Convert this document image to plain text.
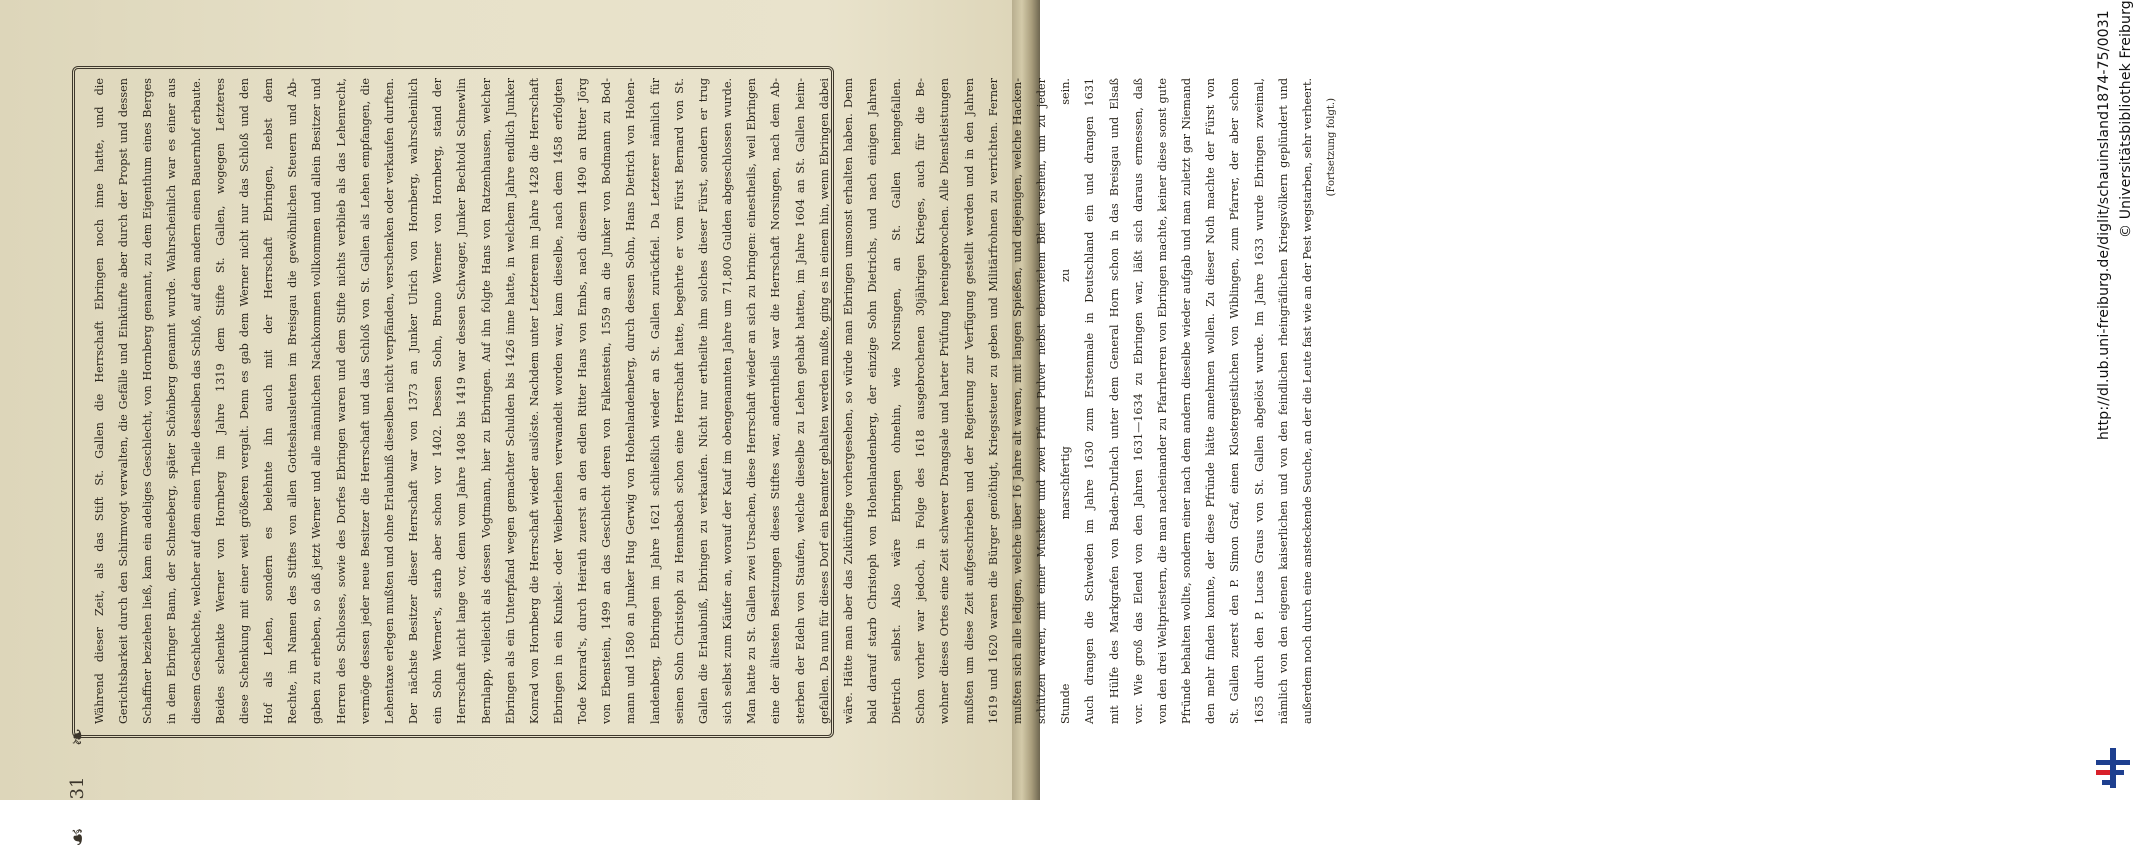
❧
31
☙
Während dieser Zeit, als das Stift St. Gallen die Herrschaft Ebringen noch inne hatte, und die Gerichtsbarkeit durch den Schirmvogt verwalten, die Gefälle und Einkünfte aber durch der Propst und dessen Schaffner beziehen ließ, kam ein adeliges Geschlecht, von Hornberg genannt, zu dem Eigenthum eines Berges in dem Ebringer Bann, der Schneeberg, später Schönberg genannt wurde. Wahrscheinlich war es einer aus	diesem Geschlechte, welcher auf dem einen Theile desselben das Schloß, auf dem andern einen Bauernhof erbaute. Beides schenkte Werner von Hornberg im Jahre 1319 dem Stifte St. Gallen, wogegen Letzteres diese Schenkung mit einer weit größeren vergalt. Denn es gab dem Werner nicht nur das Schloß und den Hof als Lehen, sondern es belehnte ihn auch mit der Herrschaft Ebringen, nebst dem Rechte, im Namen des Stiftes von allen Gotteshausleuten im Breisgau die gewöhnlichen Steuern und Ab- gaben zu erheben, so daß jetzt Werner und alle männlichen Nachkommen vollkommen und allein Besitzer und Herren des Schlosses, sowie des Dorfes Ebringen waren und dem Stifte nichts verblieb als das Lehenrecht, vermöge dessen jeder neue Besitzer die Herrschaft und das Schloß von St. Gallen als Lehen empfangen, die Lehentaxe erlegen mußten und ohne Erlaubniß dieselben nicht verpfänden, verschenken oder verkaufen durften. Der nächste Besitzer dieser Herrschaft war von 1373 an Junker Ulrich von Hornberg, wahrscheinlich ein Sohn Werner's, starb aber schon vor 1402. Dessen Sohn, Bruno Werner von Hornberg, stand der Herrschaft nicht lange vor, denn vom Jahre 1408 bis 1419 war dessen Schwager, Junker Bechtold Schnewlin Bernlapp, vielleicht als dessen Vogtmann, hier zu Ebringen. Auf ihn folgte Hans von Ratzenhausen, welcher Ebringen als ein Unterpfand wegen gemachter Schulden bis 1426 inne hatte, in welchem Jahre endlich Junker Konrad von Hornberg die Herrschaft wieder auslöste. Nachdem unter Letzterem im Jahre 1428 die Herrschaft Ebringen in ein Kunkel- oder Weiberlehen verwandelt worden war, kam dieselbe, nach dem 1458 erfolgten Tode Konrad's, durch Heirath zuerst an den edlen Ritter Hans von Embs, nach diesem 1490 an Ritter Jörg von Ebenstein, 1499 an das Geschlecht deren von Falkenstein, 1559 an die Junker von Bodmann zu Bod- mann und 1580 an Junker Hug Gerwig von Hohenlandenberg, durch dessen Sohn, Hans Dietrich von Hohen- landenberg, Ebringen im Jahre 1621 schließlich wieder an St. Gallen zurückfiel. Da Letzterer nämlich für seinen Sohn Christoph zu Hennsbach schon eine Herrschaft hatte, begehrte er vom Fürst Bernard von St. Gallen die Erlaubniß, Ebringen zu verkaufen. Nicht nur ertheilte ihm solches dieser Fürst, sondern er trug sich selbst zum Käufer an, worauf der Kauf im obengenannten Jahre um 71,800 Gulden abgeschlossen wurde. Man hatte zu St. Gallen zwei Ursachen, diese Herrschaft wieder an sich zu bringen: einestheils, weil Ebringen eine der ältesten Besitzungen dieses Stiftes war, anderntheils war die Herrschaft Norsingen, nach dem Ab- sterben der Edeln von Staufen, welche dieselbe zu Lehen gehabt hatten, im Jahre 1604 an St. Gallen heim- gefallen. Da nun für dieses Dorf ein Beamter gehalten werden mußte, ging es in einem hin, wenn Ebringen dabei wäre. Hätte man aber das Zukünftige vorhergesehen, so würde man Ebringen umsonst erhalten haben. Denn bald darauf starb Christoph von Hohenlandenberg, der einzige Sohn Dietrichs, und nach einigen Jahren Dietrich selbst. Also wäre Ebringen ohnehin, wie Norsingen, an St. Gallen heimgefallen. Schon vorher war jedoch, in Folge des 1618 ausgebrochenen 30jährigen Krieges, auch für die Be- wohner dieses Ortes eine Zeit schwerer Drangsale und harter Prüfung hereingebrochen. Alle Dienstleistungen mußten um diese Zeit aufgeschrieben und der Regierung zur Verfügung gestellt werden und in den Jahren 1619 und 1620 waren die Bürger genöthigt, Kriegssteuer zu geben und Militärfrohnen zu verrichten. Ferner mußten sich alle ledigen, welche über 16 Jahre alt waren, mit langen Spießen, und diejenigen, welche Hacken- schützen waren, mit einer Muskete und zwei Pfund Pulver nebst ebenvielem Blei versehen, um zu jeder Stunde marschfertig zu sein. Auch drangen die Schweden im Jahre 1630 zum Erstenmale in Deutschland ein und drangen 1631 mit Hülfe des Markgrafen von Baden-Durlach unter dem General Horn schon in das Breisgau und Elsaß vor. Wie groß das Elend von den Jahren 1631—1634 zu Ebringen war, läßt sich daraus ermessen, daß von den drei Weltpriestern, die man nacheinander zu Pfarrherren von Ebringen machte, keiner diese sonst gute Pfründe behalten wollte, sondern einer nach dem andern dieselbe wieder aufgab und man zuletzt gar Niemand den mehr finden konnte, der diese Pfründe hätte annehmen wollen. Zu dieser Noth machte der Fürst von St. Gallen zuerst den P. Simon Graf, einen Klostergeistlichen von Wiblingen, zum Pfarrer, der aber schon 1635 durch den P. Lucas Graus von St. Gallen abgelöst wurde. Im Jahre 1633 wurde Ebringen zweimal, nämlich von den eigenen kaiserlichen und von den feindlichen rheingräflichen Kriegsvölkern geplündert und außerdem noch durch eine ansteckende Seuche, an der die Leute fast wie an der Pest wegstarben, sehr verheert.	(Fortsetzung folgt.)	http://dl.ub.uni-freiburg.de/diglit/schauinsland1874-75/0031 © Universitätsbibliothek Freiburg
